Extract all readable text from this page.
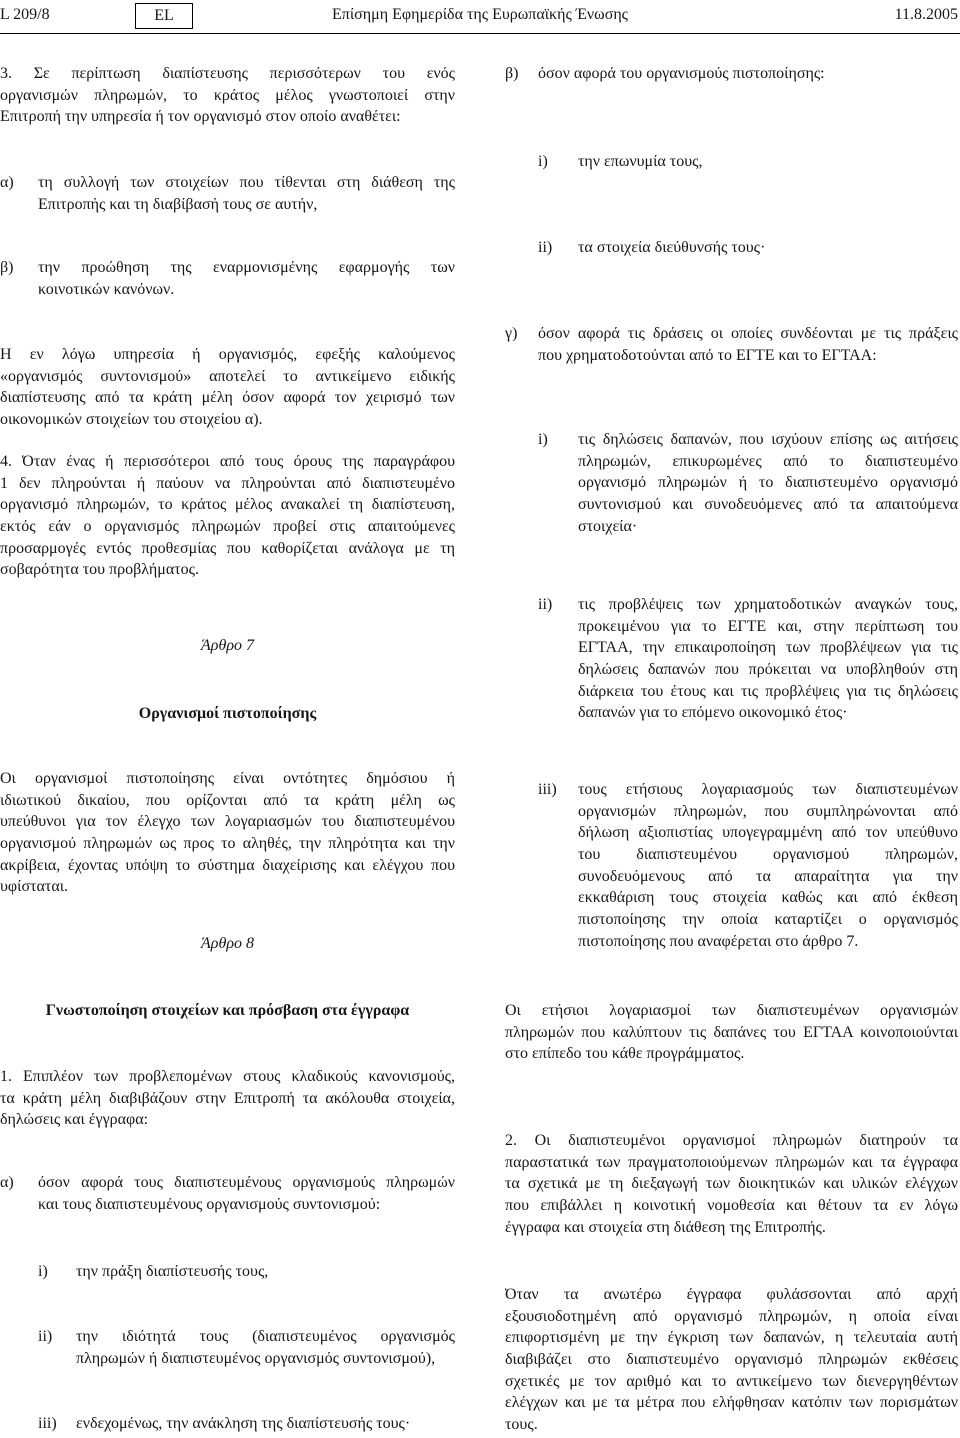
L 209/8	EL	Επίσημη Εφημερίδα της Ευρωπαϊκής Ένωσης	11.8.2005
3. Σε περίπτωση διαπίστευσης περισσότερων του ενός
οργανισμών πληρωμών, το κράτος μέλος γνωστοποιεί στην
Επιτροπή την υπηρεσία ή τον οργανισμό στον οποίο αναθέτει:
α) τη συλλογή των στοιχείων που τίθενται στη διάθεση της
Επιτροπής και τη διαβίβασή τους σε αυτήν,
β) την προώθηση της εναρμονισμένης εφαρμογής των
κοινοτικών κανόνων.
Η εν λόγω υπηρεσία ή οργανισμός, εφεξής καλούμενος
«οργανισμός συντονισμού» αποτελεί το αντικείμενο ειδικής
διαπίστευσης από τα κράτη μέλη όσον αφορά τον χειρισμό των
οικονομικών στοιχείων του στοιχείου α).
4. Όταν ένας ή περισσότεροι από τους όρους της παραγράφου
1 δεν πληρούνται ή παύουν να πληρούνται από διαπιστευμένο
οργανισμό πληρωμών, το κράτος μέλος ανακαλεί τη διαπίστευση,
εκτός εάν ο οργανισμός πληρωμών προβεί στις απαιτούμενες
προσαρμογές εντός προθεσμίας που καθορίζεται ανάλογα με τη
σοβαρότητα του προβλήματος.
Άρθρο 7
Οργανισμοί πιστοποίησης
Οι οργανισμοί πιστοποίησης είναι οντότητες δημόσιου ή
ιδιωτικού δικαίου, που ορίζονται από τα κράτη μέλη ως
υπεύθυνοι για τον έλεγχο των λογαριασμών του διαπιστευμένου
οργανισμού πληρωμών ως προς το αληθές, την πληρότητα και την
ακρίβεια, έχοντας υπόψη το σύστημα διαχείρισης και ελέγχου που
υφίσταται.
Άρθρο 8
Γνωστοποίηση στοιχείων και πρόσβαση στα έγγραφα
1. Επιπλέον των προβλεπομένων στους κλαδικούς κανονισμούς,
τα κράτη μέλη διαβιβάζουν στην Επιτροπή τα ακόλουθα στοιχεία,
δηλώσεις και έγγραφα:
α) όσον αφορά τους διαπιστευμένους οργανισμούς πληρωμών
και τους διαπιστευμένους οργανισμούς συντονισμού:
i) την πράξη διαπίστευσής τους,
ii) την ιδιότητά τους (διαπιστευμένος οργανισμός
πληρωμών ή διαπιστευμένος οργανισμός συντονισμού),
iii) ενδεχομένως, την ανάκληση της διαπίστευσής τους·
β) όσον αφορά του οργανισμούς πιστοποίησης:
i) την επωνυμία τους,
ii) τα στοιχεία διεύθυνσής τους·
γ) όσον αφορά τις δράσεις οι οποίες συνδέονται με τις πράξεις
που χρηματοδοτούνται από το ΕΓΤΕ και το ΕΓΤΑΑ:
i) τις δηλώσεις δαπανών, που ισχύουν επίσης ως αιτήσεις
πληρωμών, επικυρωμένες από το διαπιστευμένο
οργανισμό πληρωμών ή το διαπιστευμένο οργανισμό
συντονισμού και συνοδευόμενες από τα απαιτούμενα
στοιχεία·
ii) τις προβλέψεις των χρηματοδοτικών αναγκών τους,
προκειμένου για το ΕΓΤΕ και, στην περίπτωση του
ΕΓΤΑΑ, την επικαιροποίηση των προβλέψεων για τις
δηλώσεις δαπανών που πρόκειται να υποβληθούν στη
διάρκεια του έτους και τις προβλέψεις για τις δηλώσεις
δαπανών για το επόμενο οικονομικό έτος·
iii) τους ετήσιους λογαριασμούς των διαπιστευμένων
οργανισμών πληρωμών, που συμπληρώνονται από
δήλωση αξιοπιστίας υπογεγραμμένη από τον υπεύθυνο
του διαπιστευμένου οργανισμού πληρωμών,
συνοδευόμενους από τα απαραίτητα για την
εκκαθάριση τους στοιχεία καθώς και από έκθεση
πιστοποίησης την οποία καταρτίζει ο οργανισμός
πιστοποίησης που αναφέρεται στο άρθρο 7.
Οι ετήσιοι λογαριασμοί των διαπιστευμένων οργανισμών
πληρωμών που καλύπτουν τις δαπάνες του ΕΓΤΑΑ κοινοποιούνται
στο επίπεδο του κάθε προγράμματος.
2. Οι διαπιστευμένοι οργανισμοί πληρωμών διατηρούν τα
παραστατικά των πραγματοποιούμενων πληρωμών και τα έγγραφα
τα σχετικά με τη διεξαγωγή των διοικητικών και υλικών ελέγχων
που επιβάλλει η κοινοτική νομοθεσία και θέτουν τα εν λόγω
έγγραφα και στοιχεία στη διάθεση της Επιτροπής.
Όταν τα ανωτέρω έγγραφα φυλάσσονται από αρχή
εξουσιοδοτημένη από οργανισμό πληρωμών, η οποία είναι
επιφορτισμένη με την έγκριση των δαπανών, η τελευταία αυτή
διαβιβάζει στο διαπιστευμένο οργανισμό πληρωμών εκθέσεις
σχετικές με τον αριθμό και το αντικείμενο των διενεργηθέντων
ελέγχων και με τα μέτρα που ελήφθησαν κατόπιν των πορισμάτων
τους.
